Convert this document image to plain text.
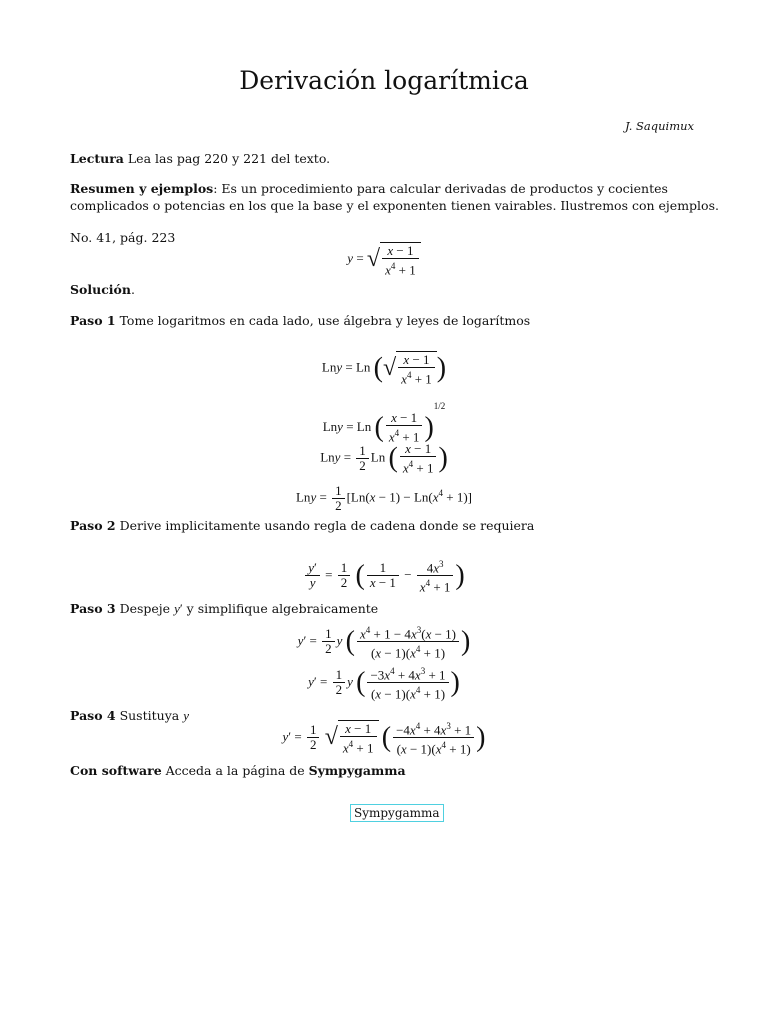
Derivación logarítmica
J. Saquimux
Lectura Lea las pag 220 y 221 del texto.
Resumen y ejemplos: Es un procedimiento para calcular derivadas de productos y cocientes complicados o potencias en los que la base y el exponenten tienen vairables. Ilustremos con ejemplos.
No. 41, pág. 223
y = √ $\frac{x - 1}{x^4 + 1}$
Solución.
Paso 1 Tome logaritmos en cada lado, use álgebra y leyes de logarítmos
Lny = Ln (√ $\frac{x - 1}{x^4 + 1}$ )
Lny = Ln ( $\frac{x - 1}{x^4 + 1} )^{1/2}$
Lny = $\frac{1}{2}$ Ln ( $\frac{x - 1}{x^4 + 1}$ )
Lny = $\frac{1}{2} [Ln(x - 1) - Ln(x^4 + 1)]$
Paso 2 Derive implicitamente usando regla de cadena donde se requiera
$\frac{y'}{y} = \frac{1}{2}$ ( $\frac{1}{x - 1} - \frac{4x^3}{x^4 + 1}$ )
Paso 3 Despeje y′ y simplifique algebraicamente
$y' = \frac{1}{2}$ y ( $\frac{x^4 + 1 - 4x^3(x - 1)}{(x - 1)(x^4 + 1)}$ )
$y' = \frac{1}{2}$ y ( $\frac{-3x^4 + 4x^3 + 1}{(x - 1)(x^4 + 1)}$ )
Paso 4 Sustituya y
$y' = \frac{1}{2}$ √ $\frac{x - 1}{x^4 + 1}$ ( $\frac{-4x^4 + 4x^3 + 1}{(x - 1)(x^4 + 1)}$ )
Con software Acceda a la página de Sympygamma
Sympygamma
